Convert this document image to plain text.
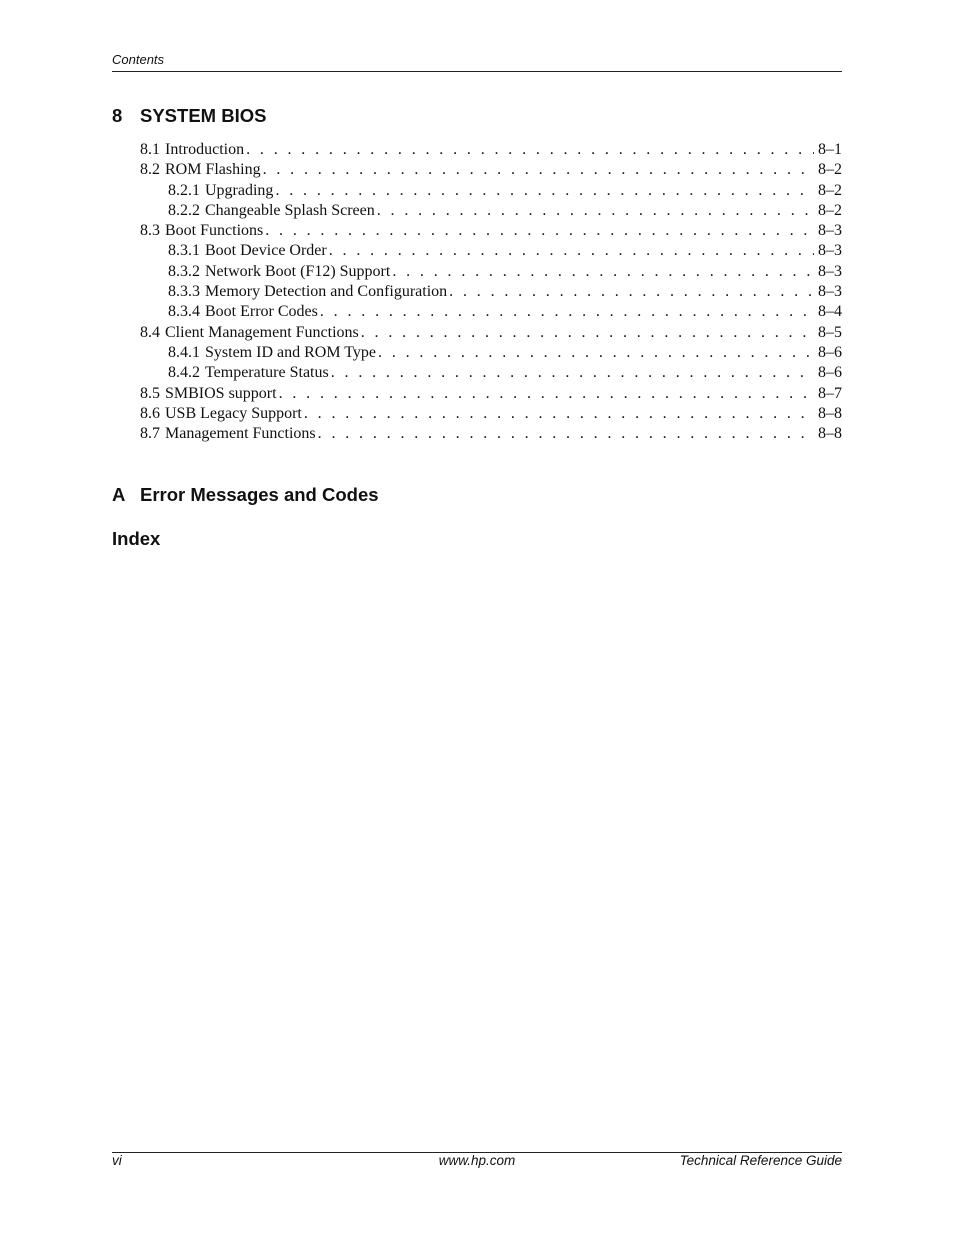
Contents
8 SYSTEM BIOS
8.1 Introduction . . .	8–1
8.2 ROM Flashing . . .	8–2
8.2.1 Upgrading . . .	8–2
8.2.2 Changeable Splash Screen . . .	8–2
8.3 Boot Functions . . .	8–3
8.3.1 Boot Device Order . . .	8–3
8.3.2 Network Boot (F12) Support . . .	8–3
8.3.3 Memory Detection and Configuration . . .	8–3
8.3.4 Boot Error Codes . . .	8–4
8.4 Client Management Functions . . .	8–5
8.4.1 System ID and ROM Type . . .	8–6
8.4.2 Temperature Status . . .	8–6
8.5 SMBIOS support . . .	8–7
8.6 USB Legacy Support . . .	8–8
8.7 Management Functions . . .	8–8
A Error Messages and Codes
Index
vi	www.hp.com	Technical Reference Guide
